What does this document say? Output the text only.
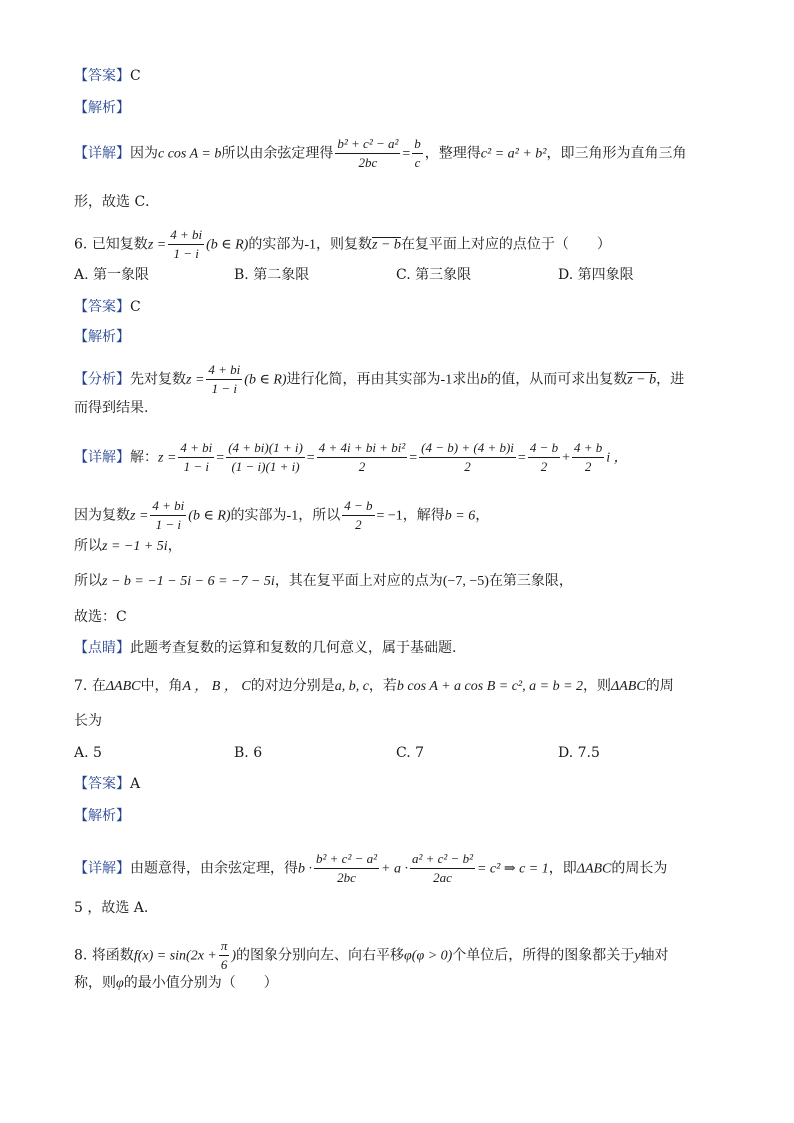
【答案】C
【解析】
【详解】因为c cos A = b所以由余弦定理得 $\frac{\text{b² + c² − a²}}{2bc} = \frac{b}{c}$ ，整理得c² = a² + b²，即三角形为直角三角
形，故选 C．
6. 已知复数$z = \frac{4 + bi}{1 - i} (b$ ∈ R)的实部为-1，则复数z − b在复平面上对应的点位于（　　）
A. 第一象限	B. 第二象限	C. 第三象限	D. 第四象限
【答案】C
【解析】
【分析】先对复数$z = \frac{4 + bi}{1 - i} (b$ ∈ R)进行化简，再由其实部为-1求出b的值，从而可求出复数z − b，进
而得到结果.
【详解】解：$z = \frac{4 + bi}{1 - i} = \frac{(4 + bi)(1 + i)}{(1 - i)(1 + i)} = \frac{\text{4 + 4i + bi + bi²}}{2} = \frac{(4 - b) + (4 + b)i}{2} = \frac{4 - b}{2} + \frac{4 + b}{2}$ i ，
因为复数$z = \frac{4 + bi}{1 - i} (b$ ∈ R)的实部为-1，所以 $\frac{4 - b}{2} = -1$，解得b = 6，
所以z = −1 + 5i，
所以z − b = −1 − 5i − 6 = −7 − 5i，其在复平面上对应的点为(−7, −5)在第三象限，
故选：C
【点睛】此题考查复数的运算和复数的几何意义，属于基础题.
7. 在ΔABC中，角A ， B ， C的对边分别是a, b, c，若b cos A + a cos B = c², a = b = 2，则ΔABC的周
长为
A. 5	B. 6	C. 7	D. 7.5
【答案】A
【解析】
【详解】由题意得，由余弦定理，得$b \cdot \frac{\text{b² + c² − a²}}{2bc} + a \cdot \frac{\text{a² + c² − b²}}{2ac} = c^2$ ⇒ c = 1，即ΔABC的周长为
5 ，故选 A.
8. 将函数$f(x) = \sin(2x + \frac{\pi}{6}$ )的图象分别向左、向右平移φ(φ > 0)个单位后，所得的图象都关于y轴对
称，则φ的最小值分别为（　　）
